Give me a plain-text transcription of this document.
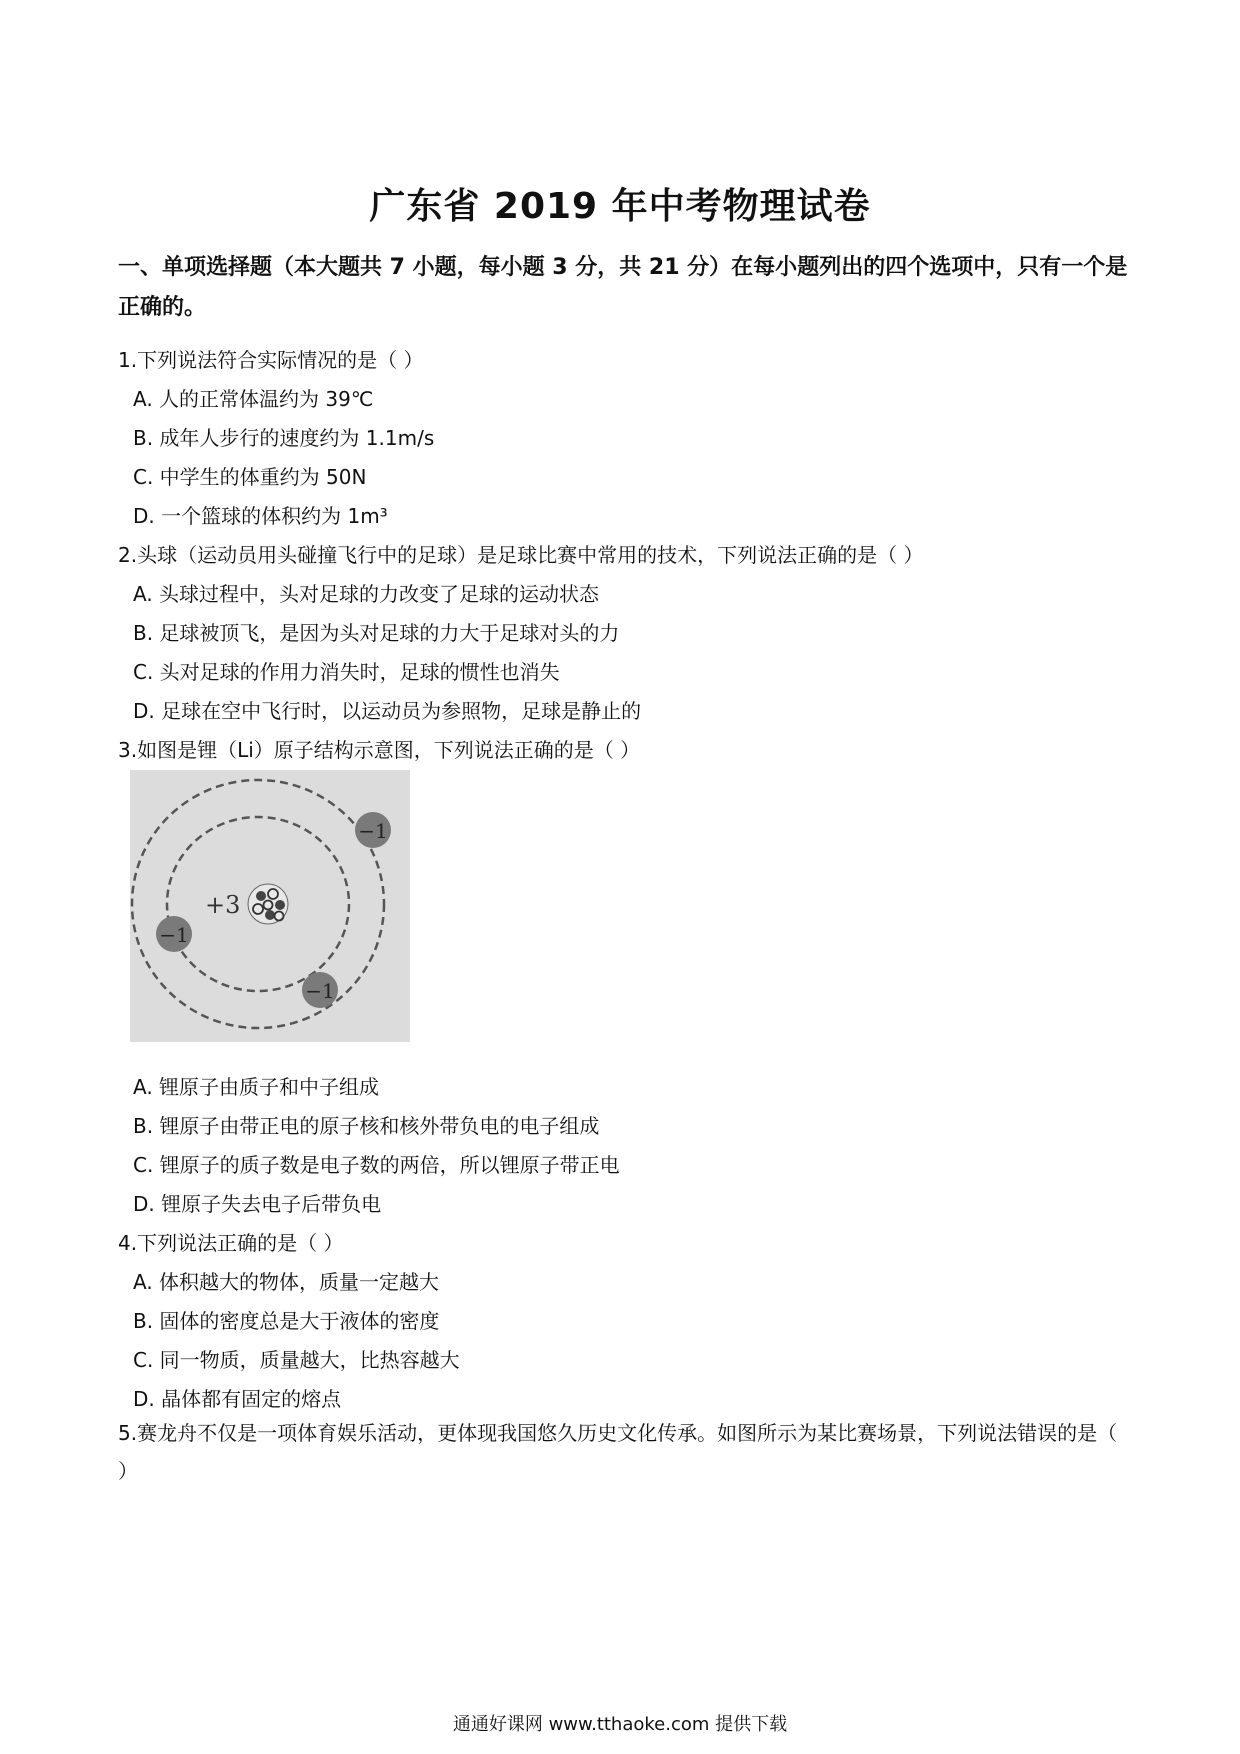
广东省 2019 年中考物理试卷
一、单项选择题（本大题共 7 小题，每小题 3 分，共 21 分）在每小题列出的四个选项中，只有一个是正确的。
1.下列说法符合实际情况的是（ ）
A. 人的正常体温约为 39℃
B. 成年人步行的速度约为 1.1m/s
C. 中学生的体重约为 50N
D. 一个篮球的体积约为 1m³
2.头球（运动员用头碰撞飞行中的足球）是足球比赛中常用的技术，下列说法正确的是（ ）
A. 头球过程中，头对足球的力改变了足球的运动状态
B. 足球被顶飞，是因为头对足球的力大于足球对头的力
C. 头对足球的作用力消失时，足球的惯性也消失
D. 足球在空中飞行时，以运动员为参照物，足球是静止的
3.如图是锂（Li）原子结构示意图，下列说法正确的是（ ）
+3
−1
−1
−1
A. 锂原子由质子和中子组成
B. 锂原子由带正电的原子核和核外带负电的电子组成
C. 锂原子的质子数是电子数的两倍，所以锂原子带正电
D. 锂原子失去电子后带负电
4.下列说法正确的是（ ）
A. 体积越大的物体，质量一定越大
B. 固体的密度总是大于液体的密度
C. 同一物质，质量越大，比热容越大
D. 晶体都有固定的熔点
5.赛龙舟不仅是一项体育娱乐活动，更体现我国悠久历史文化传承。如图所示为某比赛场景，下列说法错误的是（ ）
通通好课网 www.tthaoke.com 提供下载
